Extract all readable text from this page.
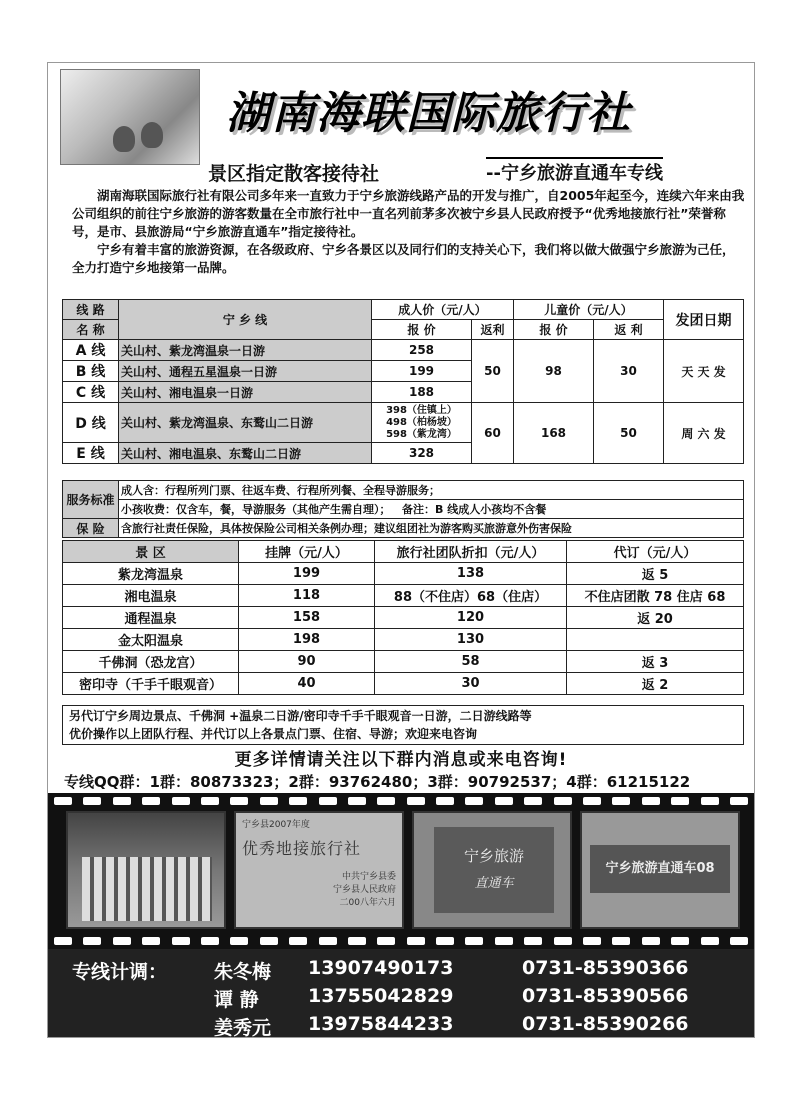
湖南海联国际旅行社
景区指定散客接待社	--宁乡旅游直通车专线

湖南海联国际旅行社有限公司多年来一直致力于宁乡旅游线路产品的开发与推广，自2005年起至今，连续六年来由我公司组织的前往宁乡旅游的游客数量在全市旅行社中一直名列前茅多次被宁乡县人民政府授予“优秀地接旅行社”荣誉称号，是市、县旅游局“宁乡旅游直通车”指定接待社。

宁乡有着丰富的旅游资源，在各级政府、宁乡各景区以及同行们的支持关心下，我们将以做大做强宁乡旅游为己任，全力打造宁乡地接第一品牌。

线 路	宁 乡 线	成人价（元/人）		儿童价（元/人）		发团日期
名 称		报 价	返利	报 价	返 利	
A 线	关山村、紫龙湾温泉一日游	258	50	98	30	天 天 发
B 线	关山村、通程五星温泉一日游	199				
C 线	关山村、湘电温泉一日游	188				
D 线	关山村、紫龙湾温泉、东鹜山二日游	398（住镇上）
498（柏杨坡）
598（紫龙湾）	60	168	50	周 六 发
E 线	关山村、湘电温泉、东鹜山二日游	328				
服务标准	成人含：行程所列门票、往返车费、行程所列餐、全程导游服务；
	小孩收费：仅含车，餐，导游服务（其他产生需自理）； 备注：B 线成人小孩均不含餐
保 险	含旅行社责任保险，具体按保险公司相关条例办理；建议组团社为游客购买旅游意外伤害保险
景 区	挂牌（元/人）	旅行社团队折扣（元/人）	代订（元/人）
紫龙湾温泉	199	138	返 5
湘电温泉	118	88（不住店）68（住店）	不住店团散 78 住店 68
通程温泉	158	120	返 20
金太阳温泉	198	130	
千佛洞（恐龙宫）	90	58	返 3
密印寺（千手千眼观音）	40	30	返 2
另代订宁乡周边景点、千佛洞 +温泉二日游/密印寺千手千眼观音一日游，二日游线路等
优价操作以上团队行程、并代订以上各景点门票、住宿、导游；欢迎来电咨询
更多详情请关注以下群内消息或来电咨询!
专线QQ群：1群：80873323；2群：93762480；3群：90792537；4群：61215122
宁乡县2007年度
优秀地接旅行社
中共宁乡县委
宁乡县人民政府
二00八年六月
宁乡旅游
直通车
宁乡旅游直通车08
专线计调： 朱冬梅 13907490173	0731-85390366
谭 静	13755042829	0731-85390566
姜秀元 13975844233	0731-85390266
